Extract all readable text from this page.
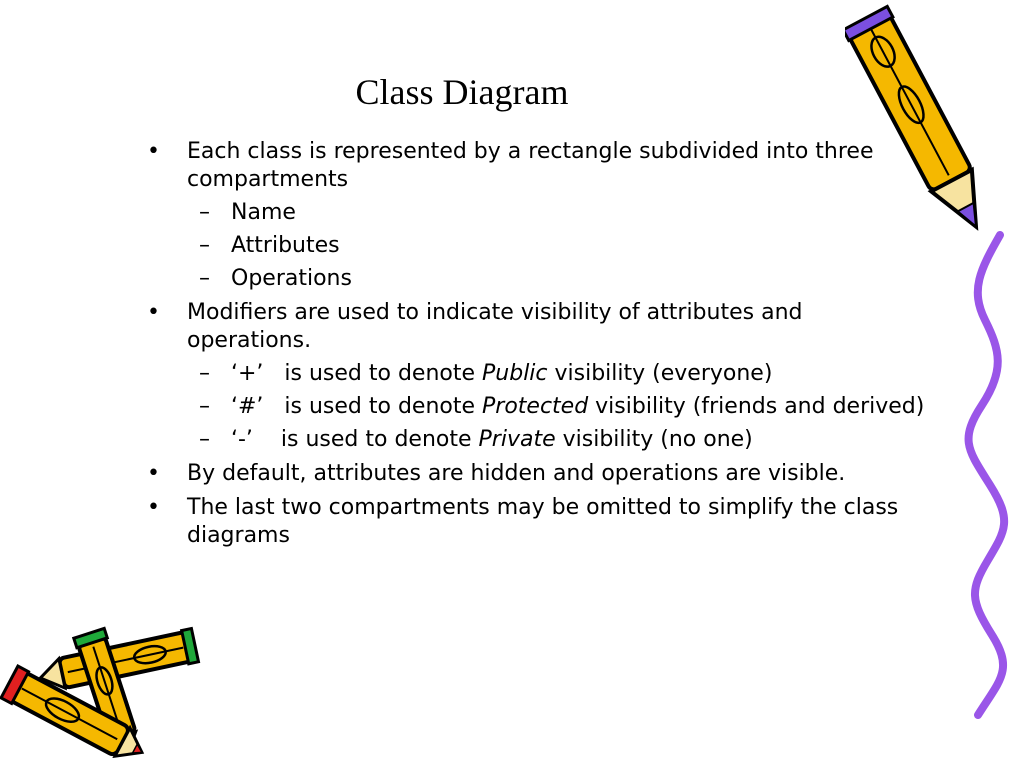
Class Diagram
• Each class is represented by a rectangle subdivided into three compartments
– Name
– Attributes
– Operations
• Modifiers are used to indicate visibility of attributes and operations.
– ‘+’ is used to denote Public visibility (everyone)
– ‘#’ is used to denote Protected visibility (friends and derived)
– ‘-’ is used to denote Private visibility (no one)
• By default, attributes are hidden and operations are visible.
• The last two compartments may be omitted to simplify the class diagrams
